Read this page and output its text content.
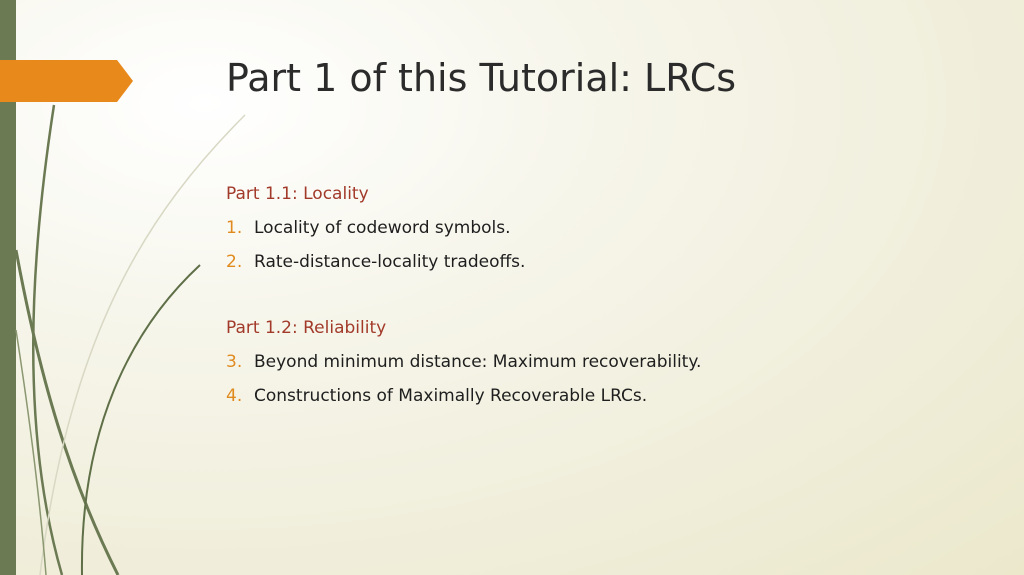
Part 1 of this Tutorial: LRCs
Part 1.1: Locality
1. Locality of codeword symbols.
2. Rate-distance-locality tradeoffs.
Part 1.2: Reliability
3. Beyond minimum distance: Maximum recoverability.
4. Constructions of Maximally Recoverable LRCs.
